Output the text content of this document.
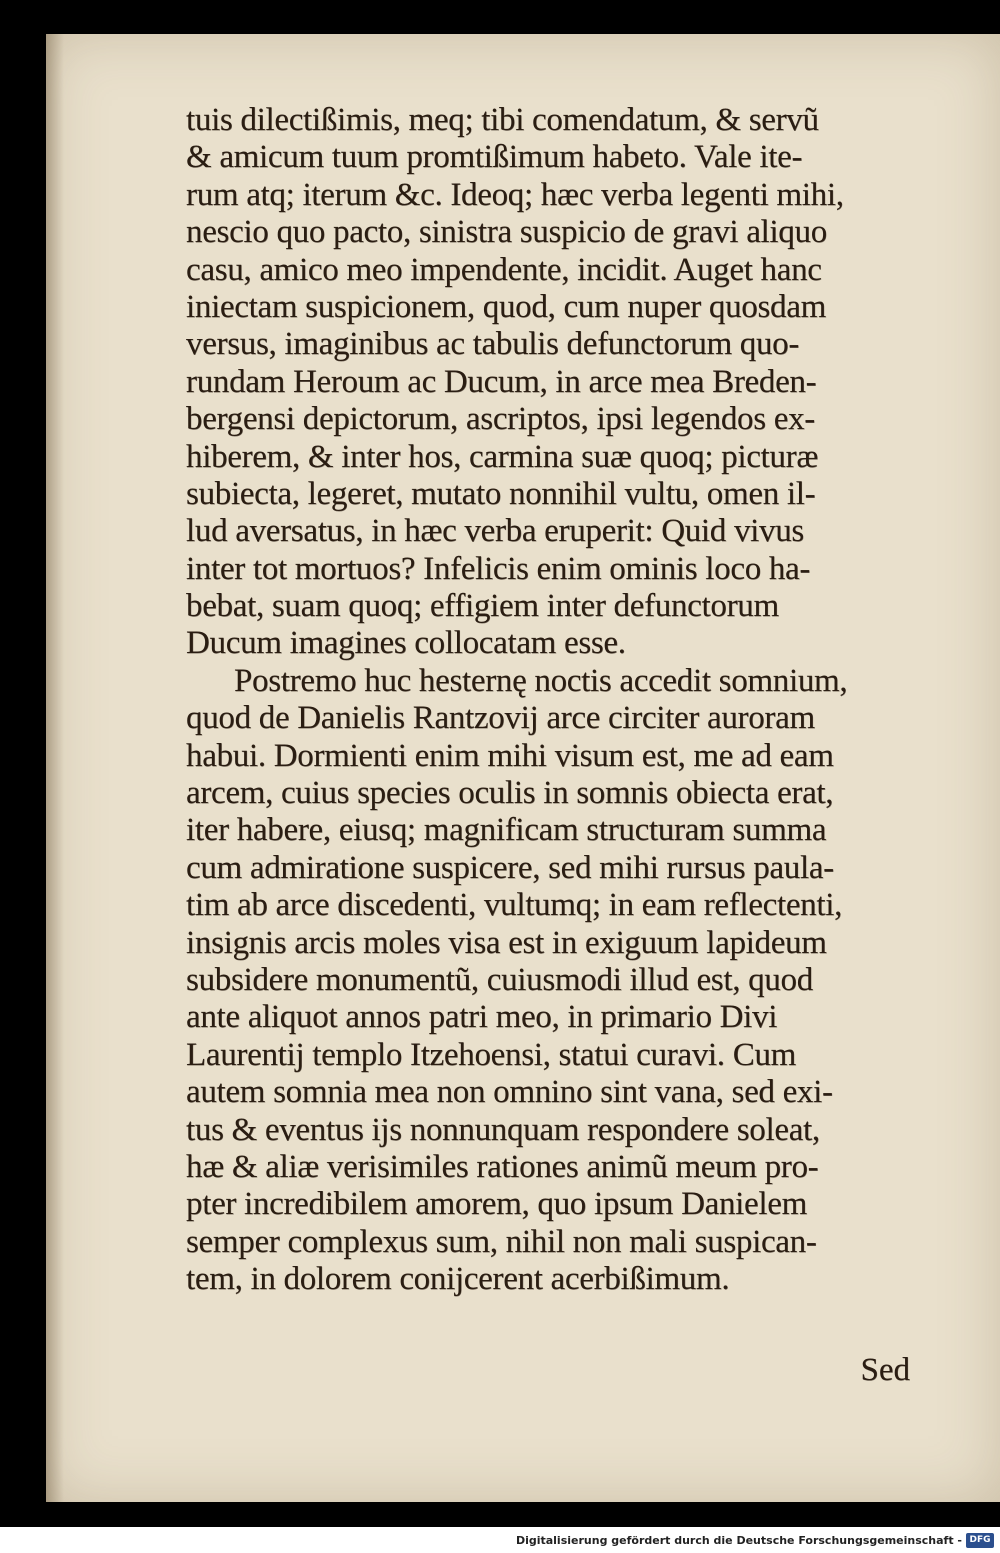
tuis dilectißimis, meq; tibi comendatum, & servũ
& amicum tuum promtißimum habeto. Vale ite-
rum atq; iterum &c. Ideoq; hæc verba legenti mihi,
nescio quo pacto, sinistra suspicio de gravi aliquo
casu, amico meo impendente, incidit. Auget hanc
iniectam suspicionem, quod, cum nuper quosdam
versus, imaginibus ac tabulis defunctorum quo-
rundam Heroum ac Ducum, in arce mea Breden-
bergensi depictorum, ascriptos, ipsi legendos ex-
hiberem, & inter hos, carmina suæ quoq; picturæ
subiecta, legeret, mutato nonnihil vultu, omen il-
lud aversatus, in hæc verba eruperit: Quid vivus
inter tot mortuos? Infelicis enim ominis loco ha-
bebat, suam quoq; effigiem inter defunctorum
Ducum imagines collocatam esse.
Postremo huc hesternę noctis accedit somnium,
quod de Danielis Rantzovij arce circiter auroram
habui. Dormienti enim mihi visum est, me ad eam
arcem, cuius species oculis in somnis obiecta erat,
iter habere, eiusq; magnificam structuram summa
cum admiratione suspicere, sed mihi rursus paula-
tim ab arce discedenti, vultumq; in eam reflectenti,
insignis arcis moles visa est in exiguum lapideum
subsidere monumentũ, cuiusmodi illud est, quod
ante aliquot annos patri meo, in primario Divi
Laurentij templo Itzehoensi, statui curavi. Cum
autem somnia mea non omnino sint vana, sed exi-
tus & eventus ijs nonnunquam respondere soleat,
hæ & aliæ verisimiles rationes animũ meum pro-
pter incredibilem amorem, quo ipsum Danielem
semper complexus sum, nihil non mali suspican-
tem, in dolorem conijcerent acerbißimum.
Sed
Digitalisierung gefördert durch die Deutsche Forschungsgemeinschaft - DFG
